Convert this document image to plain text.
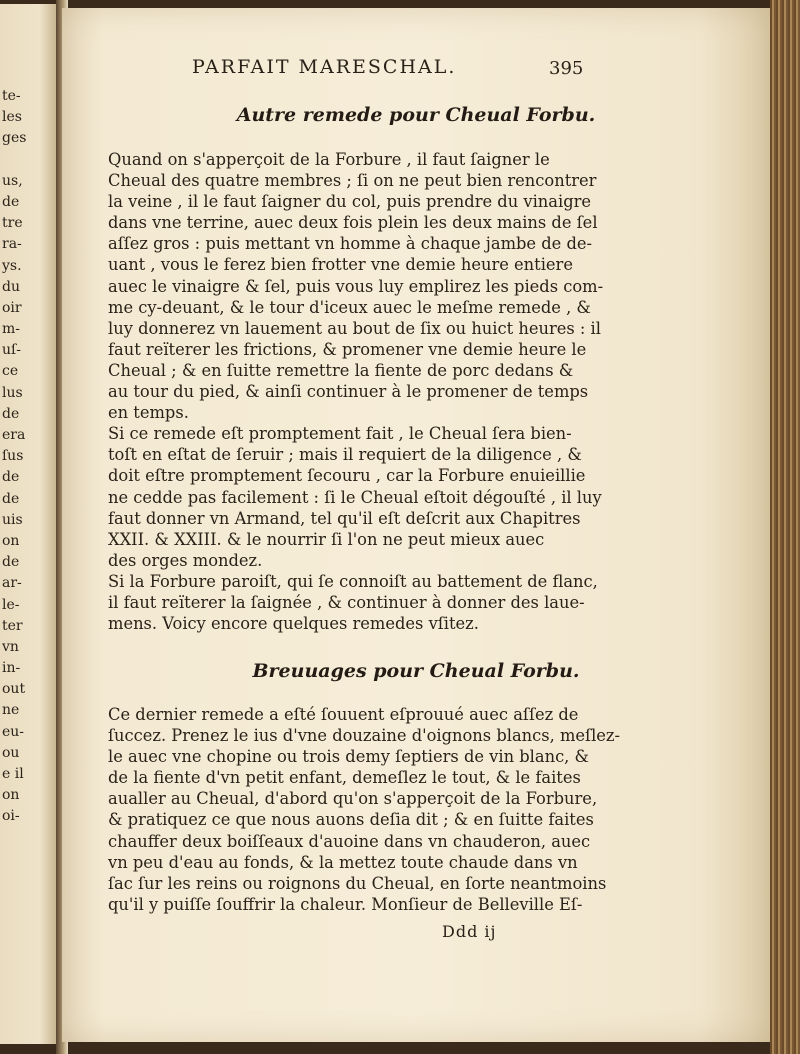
te-
les
ges
us,
de
tre
ra-
ys.
du
oir
m-
uſ-
ce
lus
de
era
ſus
de
de
uis
on
de
ar-
le-
ter
vn
in-
out
ne
eu-
ou
e il
on
oi-
PARFAIT MARESCHAL.	395
Autre remede pour Cheual Forbu.
Quand on s'apperçoit de la Forbure , il faut ſaigner le
Cheual des quatre membres ; ſi on ne peut bien rencontrer
la veine , il le faut ſaigner du col, puis prendre du vinaigre
dans vne terrine, auec deux fois plein les deux mains de ſel
aſſez gros : puis mettant vn homme à chaque jambe de de-
uant , vous le ferez bien frotter vne demie heure entiere
auec le vinaigre & ſel, puis vous luy emplirez les pieds com-
me cy-deuant, & le tour d'iceux auec le meſme remede , &
luy donnerez vn lauement au bout de ſix ou huict heures : il
faut reïterer les frictions, & promener vne demie heure le
Cheual ; & en ſuitte remettre la fiente de porc dedans &
au tour du pied, & ainſi continuer à le promener de temps
en temps.
Si ce remede eſt promptement fait , le Cheual ſera bien-
toſt en eſtat de ſeruir ; mais il requiert de la diligence , &
doit eſtre promptement ſecouru , car la Forbure enuieillie
ne cedde pas facilement : ſi le Cheual eſtoit dégouſté , il luy
faut donner vn Armand, tel qu'il eſt deſcrit aux Chapitres
XXII. & XXIII. & le nourrir ſi l'on ne peut mieux auec
des orges mondez.
Si la Forbure paroiſt, qui ſe connoiſt au battement de flanc,
il faut reïterer la ſaignée , & continuer à donner des laue-
mens. Voicy encore quelques remedes vſitez.
Breuuages pour Cheual Forbu.
Ce dernier remede a eſté ſouuent eſprouué auec aſſez de
ſuccez. Prenez le ius d'vne douzaine d'oignons blancs, meſlez-
le auec vne chopine ou trois demy ſeptiers de vin blanc, &
de la fiente d'vn petit enfant, demeſlez le tout, & le faites
aualler au Cheual, d'abord qu'on s'apperçoit de la Forbure,
& pratiquez ce que nous auons deſia dit ; & en ſuitte faites
chauffer deux boiſſeaux d'auoine dans vn chauderon, auec
vn peu d'eau au fonds, & la mettez toute chaude dans vn
ſac ſur les reins ou roignons du Cheual, en ſorte neantmoins
qu'il y puiſſe ſouffrir la chaleur. Monſieur de Belleville Eſ-
Ddd ij
